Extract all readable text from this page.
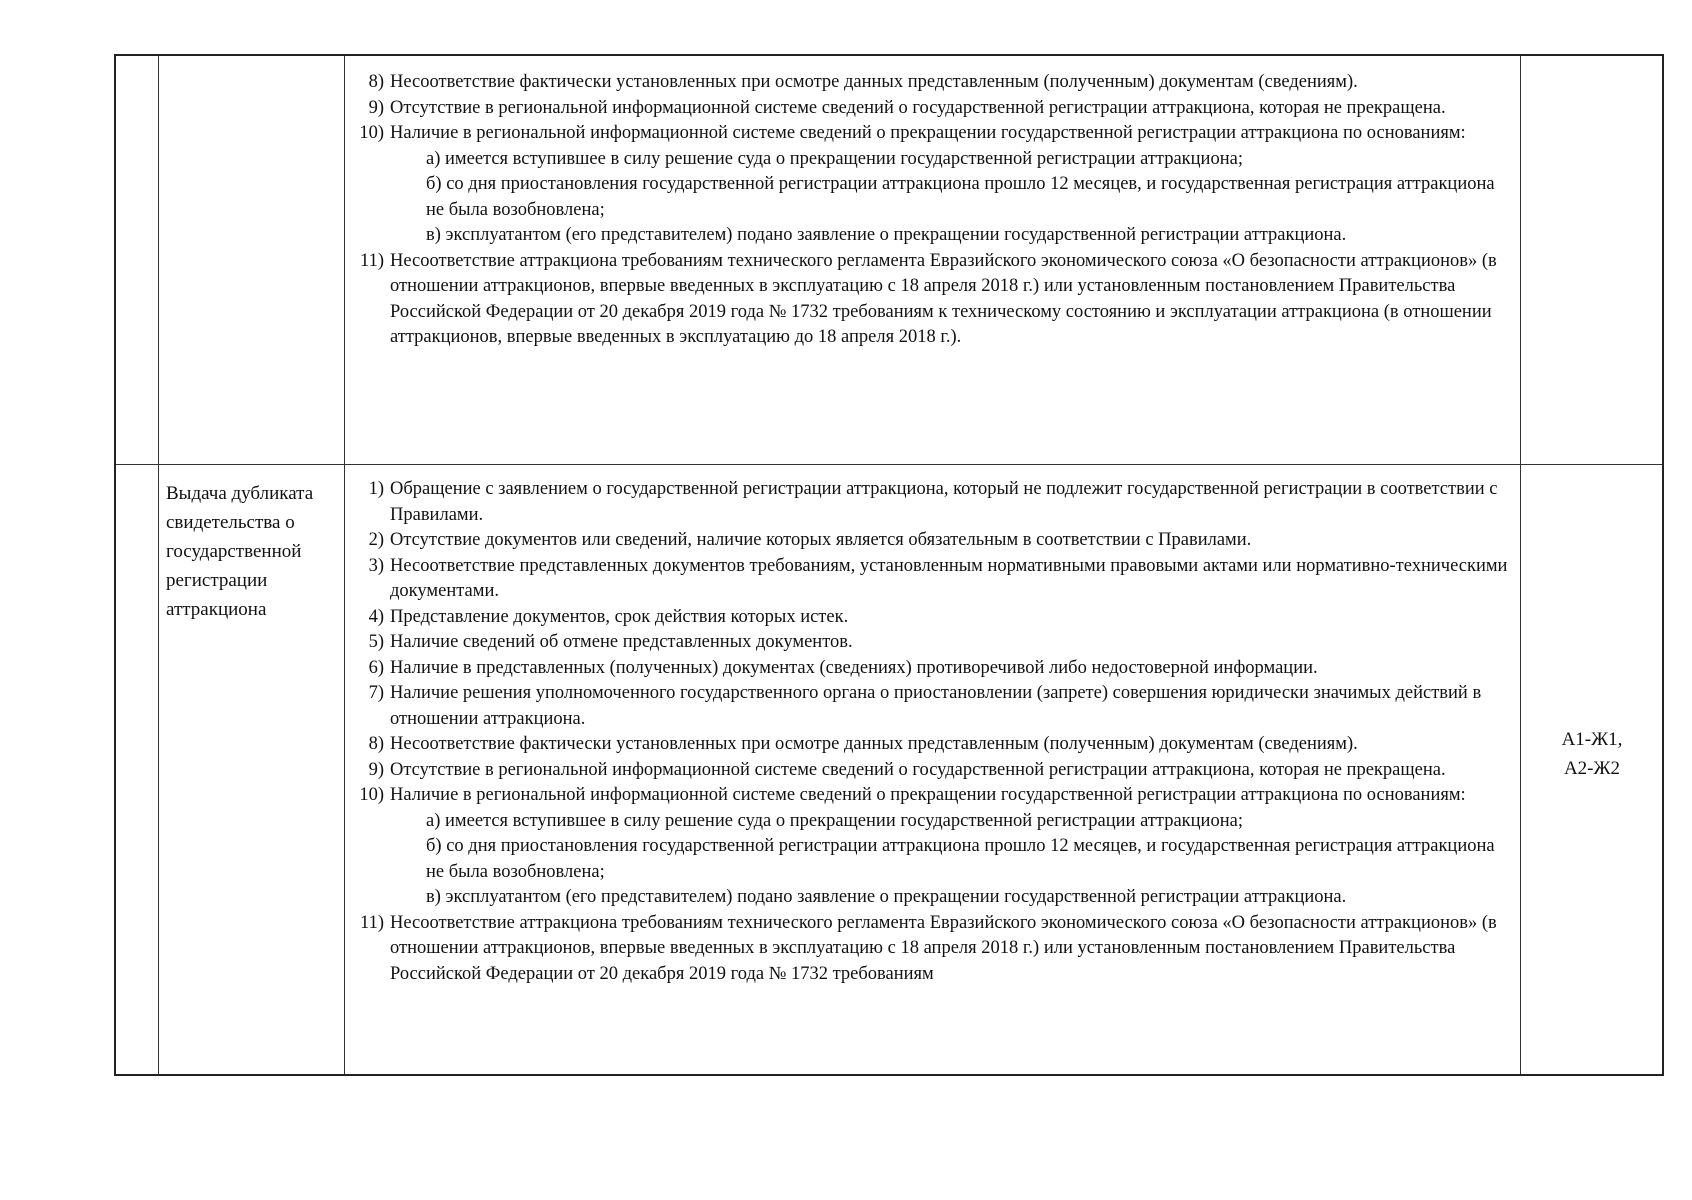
8) Несоответствие фактически установленных при осмотре данных представленным (полученным) документам (сведениям).
9) Отсутствие в региональной информационной системе сведений о государственной регистрации аттракциона, которая не прекращена.
10) Наличие в региональной информационной системе сведений о прекращении государственной регистрации аттракциона по основаниям:
а) имеется вступившее в силу решение суда о прекращении государственной регистрации аттракциона;
б) со дня приостановления государственной регистрации аттракциона прошло 12 месяцев, и государственная регистрация аттракциона не была возобновлена;
в) эксплуатантом (его представителем) подано заявление о прекращении государственной регистрации аттракциона.
11) Несоответствие аттракциона требованиям технического регламента Евразийского экономического союза «О безопасности аттракционов» (в отношении аттракционов, впервые введенных в эксплуатацию с 18 апреля 2018 г.) или установленным постановлением Правительства Российской Федерации от 20 декабря 2019 года № 1732 требованиям к техническому состоянию и эксплуатации аттракциона (в отношении аттракционов, впервые введенных в эксплуатацию до 18 апреля 2018 г.).
Выдача дубликата свидетельства о государственной регистрации аттракциона
1) Обращение с заявлением о государственной регистрации аттракциона, который не подлежит государственной регистрации в соответствии с Правилами.
2) Отсутствие документов или сведений, наличие которых является обязательным в соответствии с Правилами.
3) Несоответствие представленных документов требованиям, установленным нормативными правовыми актами или нормативно-техническими документами.
4) Представление документов, срок действия которых истек.
5) Наличие сведений об отмене представленных документов.
6) Наличие в представленных (полученных) документах (сведениях) противоречивой либо недостоверной информации.
7) Наличие решения уполномоченного государственного органа о приостановлении (запрете) совершения юридически значимых действий в отношении аттракциона.
8) Несоответствие фактически установленных при осмотре данных представленным (полученным) документам (сведениям).
9) Отсутствие в региональной информационной системе сведений о государственной регистрации аттракциона, которая не прекращена.
10) Наличие в региональной информационной системе сведений о прекращении государственной регистрации аттракциона по основаниям:
а) имеется вступившее в силу решение суда о прекращении государственной регистрации аттракциона;
б) со дня приостановления государственной регистрации аттракциона прошло 12 месяцев, и государственная регистрация аттракциона не была возобновлена;
в) эксплуатантом (его представителем) подано заявление о прекращении государственной регистрации аттракциона.
11) Несоответствие аттракциона требованиям технического регламента Евразийского экономического союза «О безопасности аттракционов» (в отношении аттракционов, впервые введенных в эксплуатацию с 18 апреля 2018 г.) или установленным постановлением Правительства Российской Федерации от 20 декабря 2019 года № 1732 требованиям
А1-Ж1,
А2-Ж2
